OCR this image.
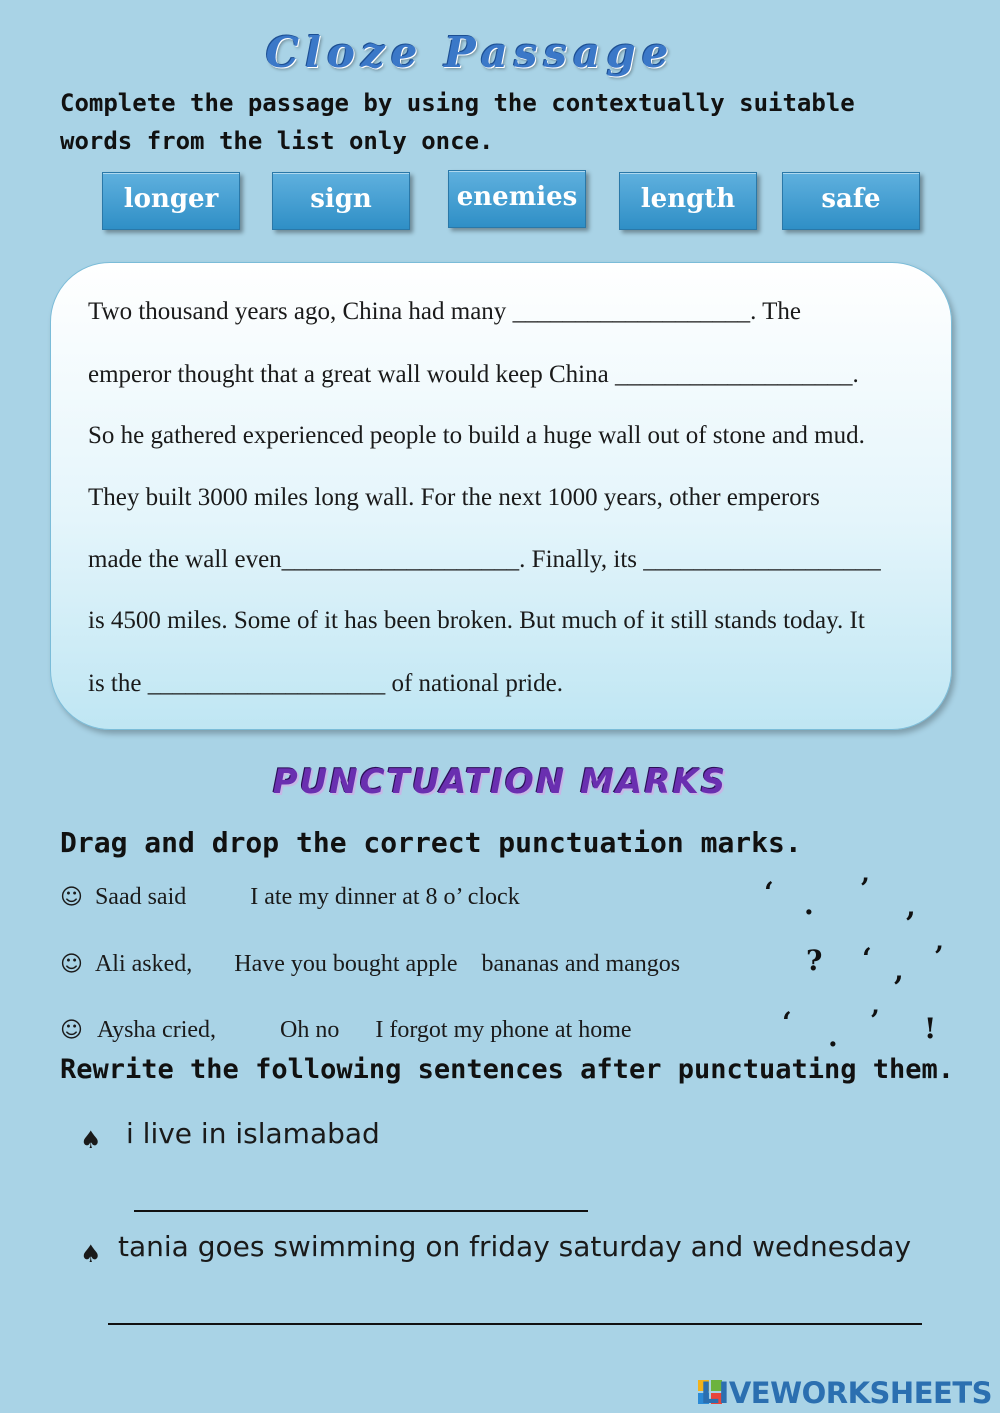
Cloze Passage
Complete the passage by using the contextually suitable words from the list only once.
longer	sign	enemies	length	safe
Two thousand years ago, China had many ___________________. The
emperor thought that a great wall would keep China ___________________.
So he gathered experienced people to build a huge wall out of stone and mud.
They built 3000 miles long wall. For the next 1000 years, other emperors
made the wall even___________________. Finally, its ___________________
is 4500 miles. Some of it has been broken. But much of it still stands today. It
is the ___________________ of national pride.
PUNCTUATION MARKS
Drag and drop the correct punctuation marks.
☺ Saad said	I ate my dinner at 8 o’ clock	‘ . ’
,
☺ Ali asked, Have you bought apple bananas and mangos	? ‘ , ’
☺ Aysha cried,	Oh no I forgot my phone at home	‘ . ’ !
Rewrite the following sentences after punctuating them.
♠ i live in islamabad
♠ tania goes swimming on friday saturday and wednesday
LIVEWORKSHEETS
